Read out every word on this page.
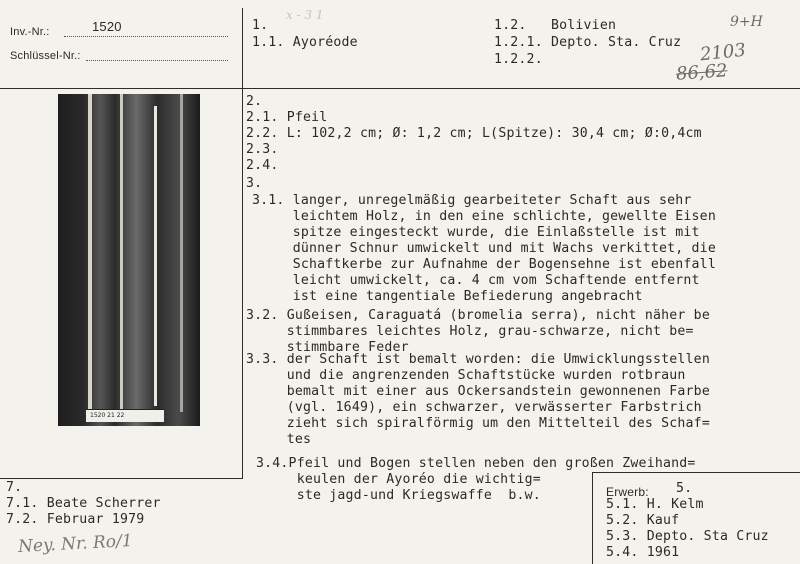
Inv.-Nr.:	1520
Schlüssel-Nr.:
1.
1.1. Ayoréode
x - 3 1
1.2.   Bolivien
1.2.1. Depto. Sta. Cruz
1.2.2.
9+H
2103
86,62
1520 21 22
2.
2.1. Pfeil
2.2. L: 102,2 cm; Ø: 1,2 cm; L(Spitze): 30,4 cm; Ø:0,4cm
2.3.
2.4.
3.
3.1. langer, unregelmäßig gearbeiteter Schaft aus sehr
leichtem Holz, in den eine schlichte, gewellte Eisen
spitze eingesteckt wurde, die Einlaßstelle ist mit
dünner Schnur umwickelt und mit Wachs verkittet, die
Schaftkerbe zur Aufnahme der Bogensehne ist ebenfall
leicht umwickelt, ca. 4 cm vom Schaftende entfernt
ist eine tangentiale Befiederung angebracht
3.2. Gußeisen, Caraguatá (bromelia serra), nicht näher be
stimmbares leichtes Holz, grau-schwarze, nicht be=
stimmbare Feder
3.3. der Schaft ist bemalt worden: die Umwicklungsstellen
und die angrenzenden Schaftstücke wurden rotbraun
bemalt mit einer aus Ockersandstein gewonnenen Farbe
(vgl. 1649), ein schwarzer, verwässerter Farbstrich
zieht sich spiralförmig um den Mittelteil des Schaf=
tes
3.4.Pfeil und Bogen stellen neben den großen Zweihand=
keulen der Ayoréo die wichtig=
ste jagd-und Kriegswaffe  b.w.
7.
7.1. Beate Scherrer
7.2. Februar 1979
Ney. Nr. Ro/1
Erwerb: 5.
5.1. H. Kelm
5.2. Kauf
5.3. Depto. Sta Cruz
5.4. 1961
